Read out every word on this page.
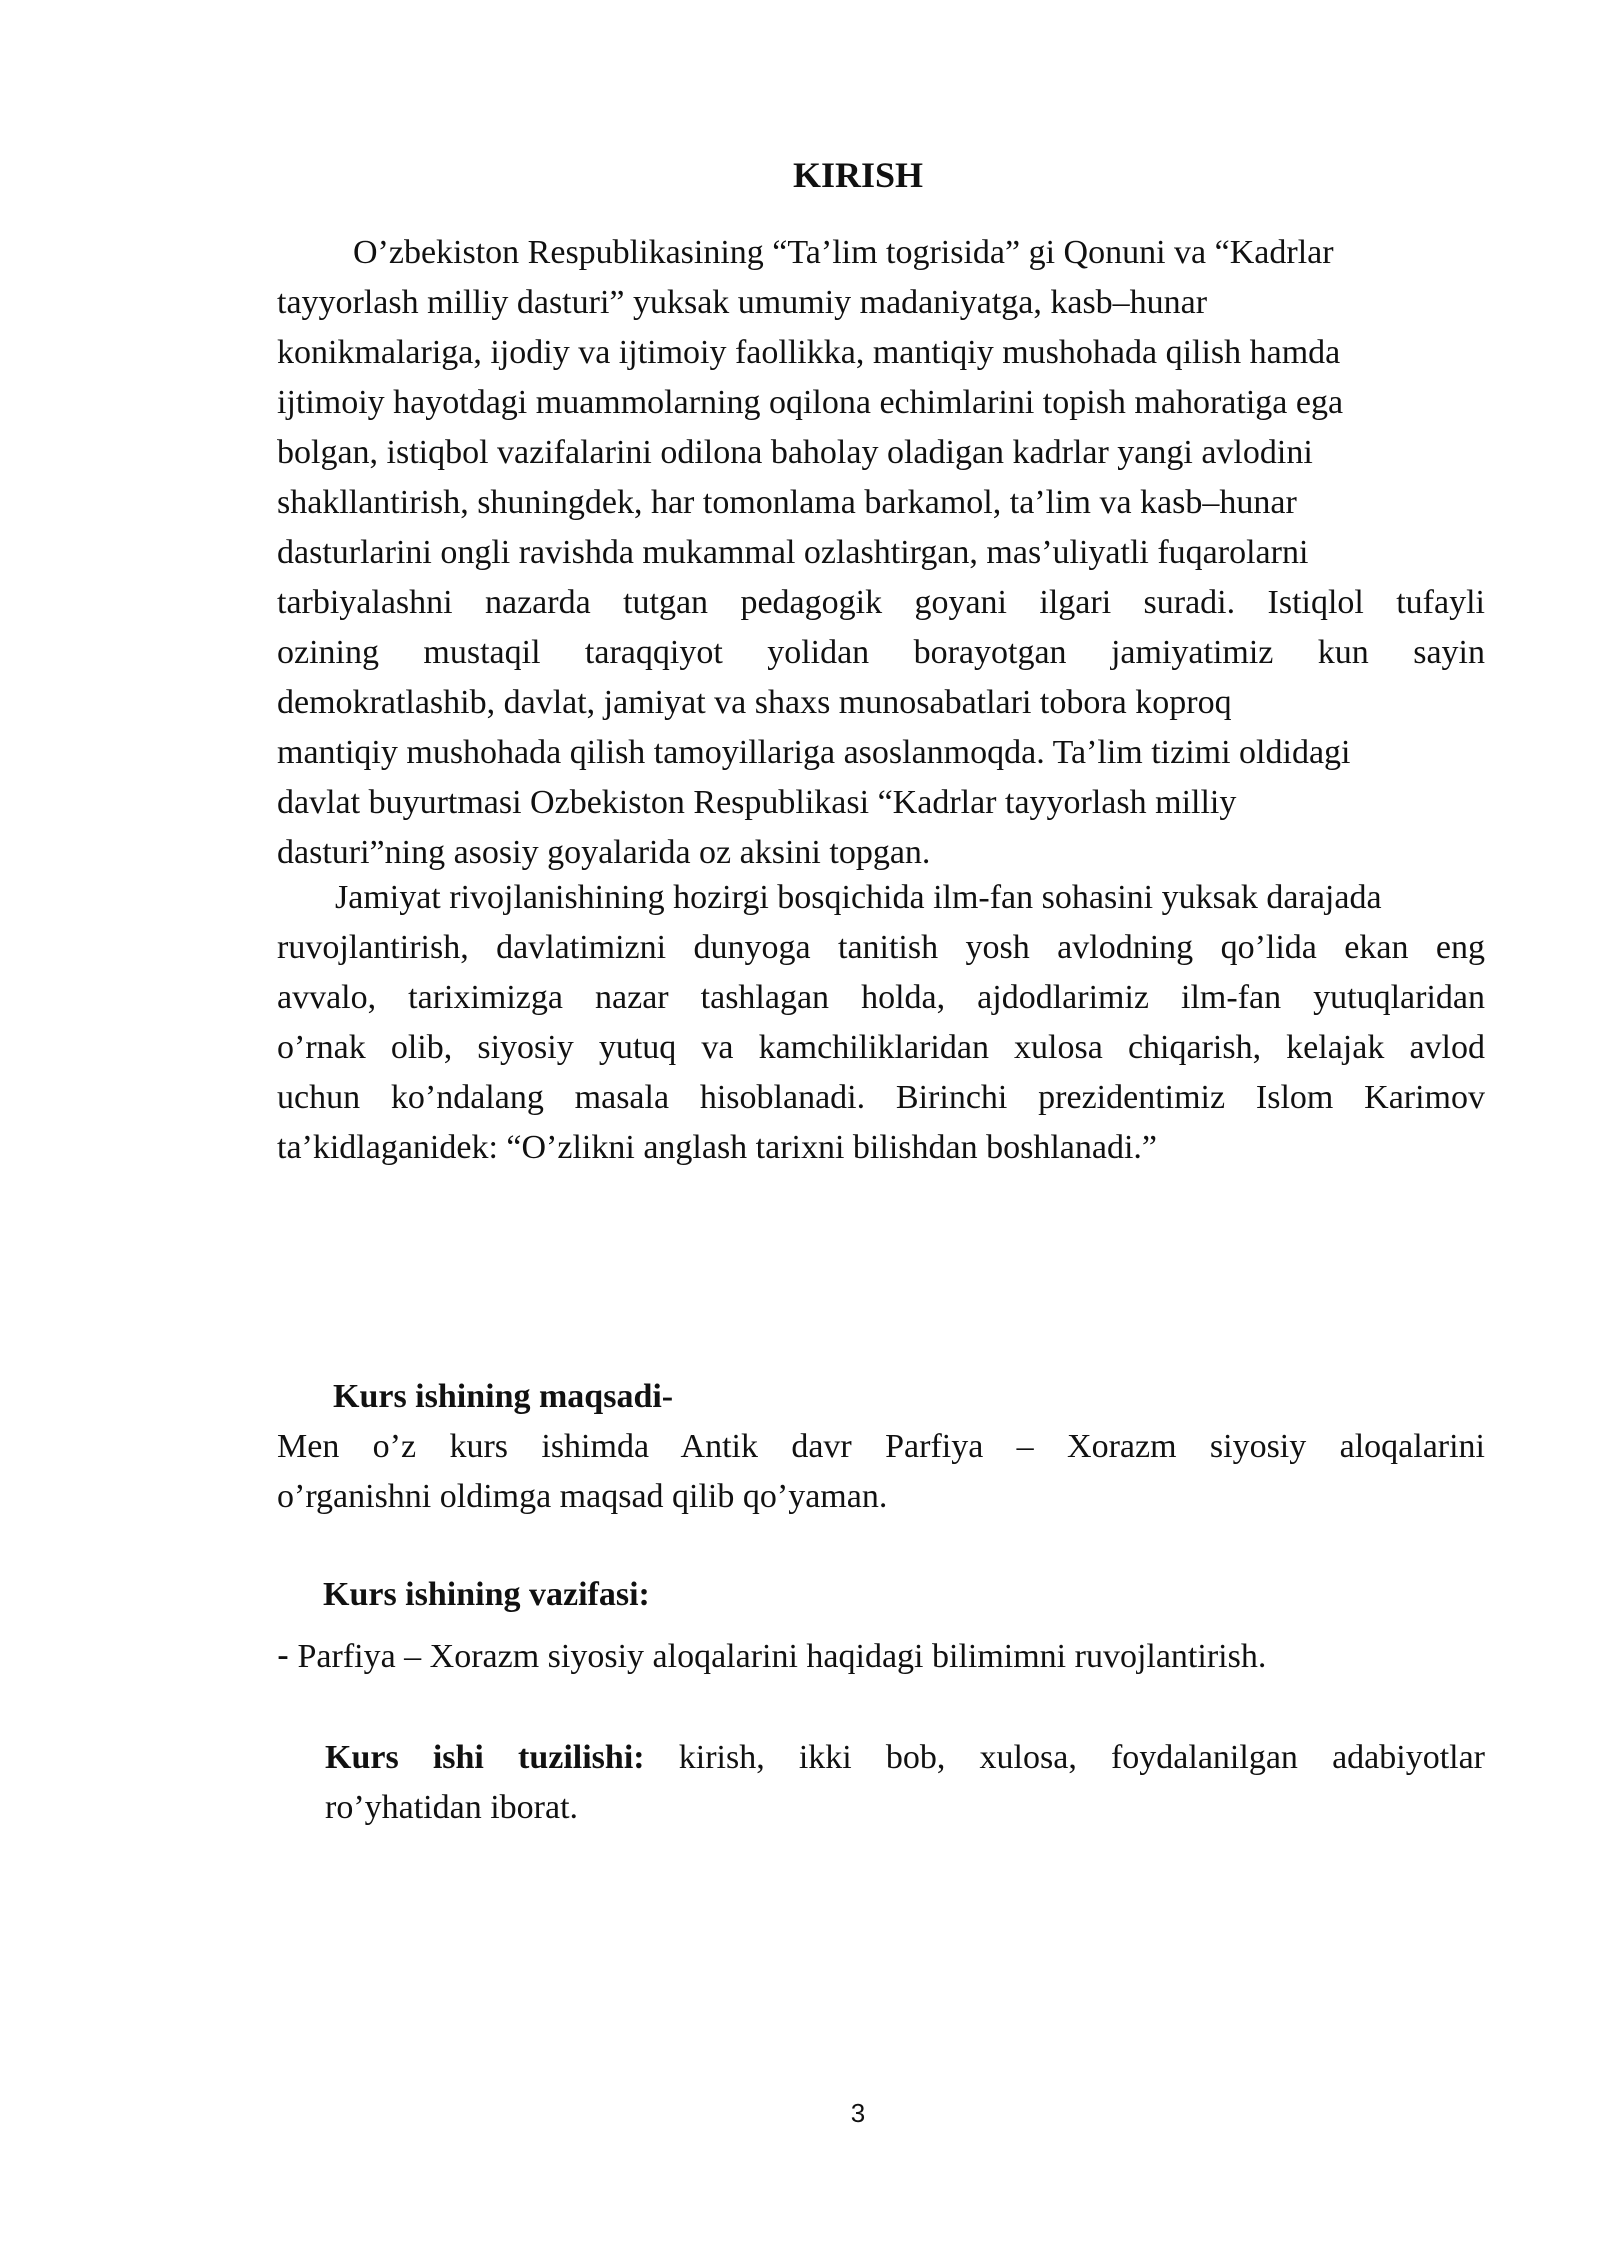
KIRISH
O’zbekiston Respublikasining “Ta’lim togrisida” gi Qonuni va “Kadrlar
tayyorlash milliy dasturi” yuksak umumiy madaniyatga, kasb–hunar
konikmalariga, ijodiy va ijtimoiy faollikka, mantiqiy mushohada qilish hamda
ijtimoiy hayotdagi muammolarning oqilona echimlarini topish mahoratiga ega
bolgan, istiqbol vazifalarini odilona baholay oladigan kadrlar yangi avlodini
shakllantirish, shuningdek, har tomonlama barkamol, ta’lim va kasb–hunar
dasturlarini ongli ravishda mukammal ozlashtirgan, mas’uliyatli fuqarolarni
tarbiyalashni nazarda tutgan pedagogik goyani ilgari suradi. Istiqlol tufayli
ozining mustaqil taraqqiyot yolidan borayotgan jamiyatimiz kun sayin
demokratlashib, davlat, jamiyat va shaxs munosabatlari tobora koproq
mantiqiy mushohada qilish tamoyillariga asoslanmoqda. Ta’lim tizimi oldidagi
davlat buyurtmasi Ozbekiston Respublikasi “Kadrlar tayyorlash milliy
dasturi”ning asosiy goyalarida oz aksini topgan.
Jamiyat rivojlanishining hozirgi bosqichida ilm-fan sohasini yuksak darajada
ruvojlantirish, davlatimizni dunyoga tanitish yosh avlodning qo’lida ekan eng
avvalo, tariximizga nazar tashlagan holda, ajdodlarimiz ilm-fan yutuqlaridan
o’rnak olib, siyosiy yutuq va kamchiliklaridan xulosa chiqarish, kelajak avlod
uchun ko’ndalang masala hisoblanadi. Birinchi prezidentimiz Islom Karimov
ta’kidlaganidek: “O’zlikni anglash tarixni bilishdan boshlanadi.”
Kurs ishining maqsadi-
Men o’z kurs ishimda Antik davr Parfiya – Xorazm siyosiy aloqalarini
o’rganishni oldimga maqsad qilib qo’yaman.
Kurs ishining vazifasi:
- Parfiya – Xorazm siyosiy aloqalarini haqidagi bilimimni ruvojlantirish.
Kurs ishi tuzilishi: kirish, ikki bob, xulosa, foydalanilgan adabiyotlar
ro’yhatidan iborat.
3
